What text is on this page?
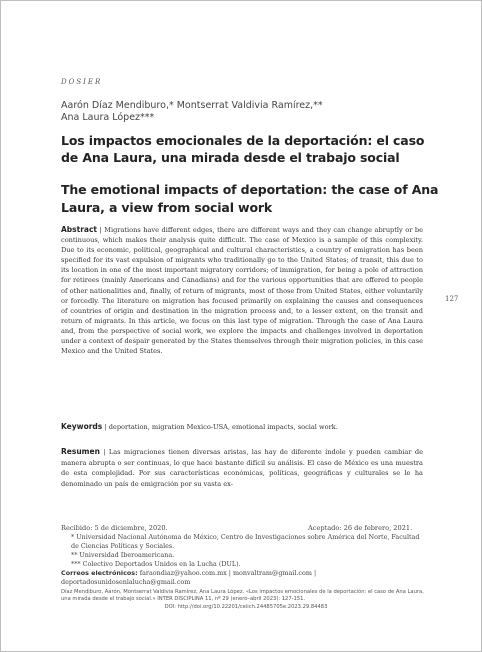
DOSIER
Aarón Díaz Mendiburo,* Montserrat Valdivia Ramírez,**
Ana Laura López***
Los impactos emocionales de la deportación: el caso de Ana Laura, una mirada desde el trabajo social
The emotional impacts of deportation: the case of Ana Laura, a view from social work
Abstract | Migrations have different edges, there are different ways and they can change abruptly or be continuous, which makes their analysis quite difficult. The case of Mexico is a sample of this complexity. Due to its economic, political, geographical and cultural characteristics, a country of emigration has been specified for its vast expulsion of migrants who traditionally go to the United States; of transit, this due to its location in one of the most important migratory corridors; of immigration, for being a pole of attraction for retirees (mainly Americans and Canadians) and for the various opportunities that are offered to people of other nationalities and, finally, of return of migrants, most of those from United States, either voluntarily or forcedly. The literature on migration has focused primarily on explaining the causes and consequences of countries of origin and destination in the migration process and, to a lesser extent, on the transit and return of migrants. In this article, we focus on this last type of migration. Through the case of Ana Laura and, from the perspective of social work, we explore the impacts and challenges involved in deportation under a context of despair generated by the States themselves through their migration policies, in this case Mexico and the United States.
Keywords | deportation, migration Mexico-USA, emotional impacts, social work.
Resumen | Las migraciones tienen diversas aristas, las hay de diferente índole y pueden cambiar de manera abrupta o ser continuas, lo que hace bastante difícil su análisis. El caso de México es una muestra de esta complejidad. Por sus características económicas, políticas, geográficas y culturales se le ha denominado un país de emigración por su vasta ex-
127
Recibido: 5 de diciembre, 2020.	Aceptado: 26 de febrero, 2021.
* Universidad Nacional Autónoma de México, Centro de Investigaciones sobre América del Norte, Facultad de Ciencias Políticas y Sociales.
** Universidad Iberoamericana.
*** Colectivo Deportados Unidos en la Lucha (DUL).
Correos electrónicos: faraondiaz@yahoo.com.mx | monvaltram@gmail.com | deportadosunidosenlalucha@gmail.com
Díaz Mendiburo, Aarón, Montserrat Valdivia Ramírez, Ana Laura López. «Los impactos emocionales de la deportación: el caso de Ana Laura, una mirada desde el trabajo social.» INTER DISCIPLINA 11, nº 29 (enero–abril 2023): 127-151.
DOI: http://doi.org/10.22201/ceiich.24485705e.2023.29.84483
